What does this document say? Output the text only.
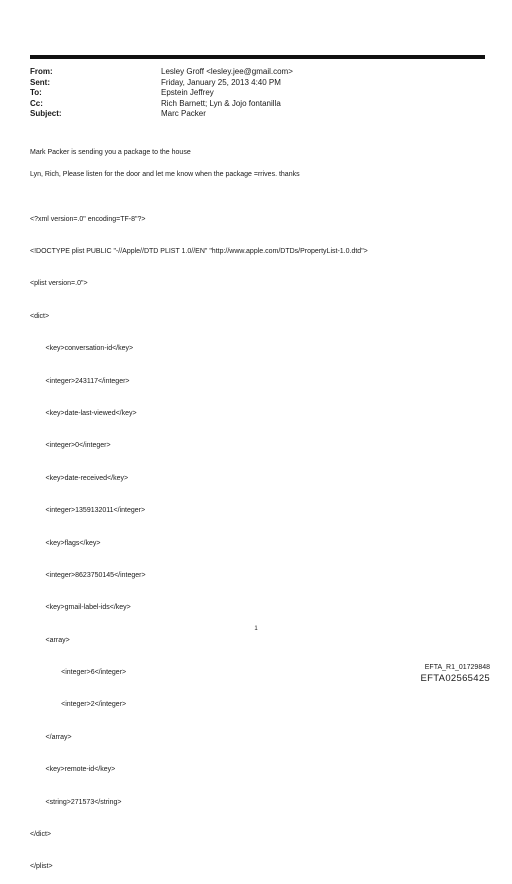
From:	Lesley Groff <lesley.jee@gmail.com>
Sent:	Friday, January 25, 2013 4:40 PM
To:	Epstein Jeffrey
Cc:	Rich Barnett; Lyn & Jojo fontanilla
Subject:	Marc Packer
Mark Packer is sending you a package to the house
Lyn, Rich, Please listen for the door and let me know when the package =rrives. thanks

<?xml version=.0" encoding=TF-8"?>

<!DOCTYPE plist PUBLIC "-//Apple//DTD PLIST 1.0//EN" "http://www.apple.com/DTDs/PropertyList-1.0.dtd">

<plist version=.0">

<dict>

<key>conversation-id</key>

<integer>243117</integer>

<key>date-last-viewed</key>

<integer>0</integer>

<key>date-received</key>

<integer>1359132011</integer>

<key>flags</key>

<integer>8623750145</integer>

<key>gmail-label-ids</key>

<array>

<integer>6</integer>

<integer>2</integer>

</array>

<key>remote-id</key>

<string>271573</string>

</dict>

</plist>

1
EFTA_R1_01729848
EFTA02565425
